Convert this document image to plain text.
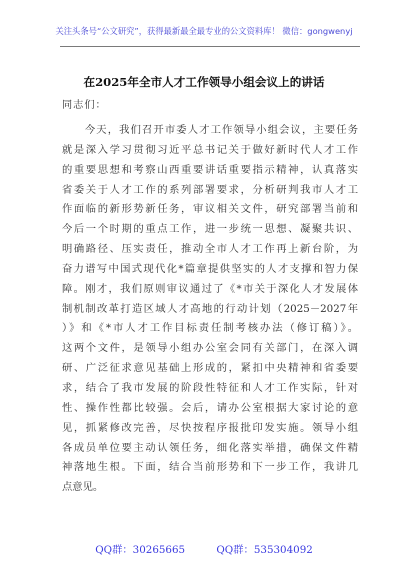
关注头条号“公文研究”，获得最新最全最专业的公文资料库！ 微信：gongwenyj
在2025年全市人才工作领导小组会议上的讲话
同志们：
　　今天，我们召开市委人才工作领导小组会议，主要任务
就是深入学习贯彻习近平总书记关于做好新时代人才工作
的重要思想和考察山西重要讲话重要指示精神，认真落实
省委关于人才工作的系列部署要求，分析研判我市人才工
作面临的新形势新任务，审议相关文件，研究部署当前和
今后一个时期的重点工作，进一步统一思想、凝聚共识、
明确路径、压实责任，推动全市人才工作再上新台阶，为
奋力谱写中国式现代化*篇章提供坚实的人才支撑和智力保
障。刚才，我们原则审议通过了《*市关于深化人才发展体
制机制改革打造区域人才高地的行动计划（2025－2027年
）》和《*市人才工作目标责任制考核办法（修订稿）》。
这两个文件，是领导小组办公室会同有关部门，在深入调
研、广泛征求意见基础上形成的，紧扣中央精神和省委要
求，结合了我市发展的阶段性特征和人才工作实际，针对
性、操作性都比较强。会后，请办公室根据大家讨论的意
见，抓紧修改完善，尽快按程序报批印发实施。领导小组
各成员单位要主动认领任务，细化落实举措，确保文件精
神落地生根。下面，结合当前形势和下一步工作，我讲几
点意见。
QQ群：30265665	QQ群：535304092
